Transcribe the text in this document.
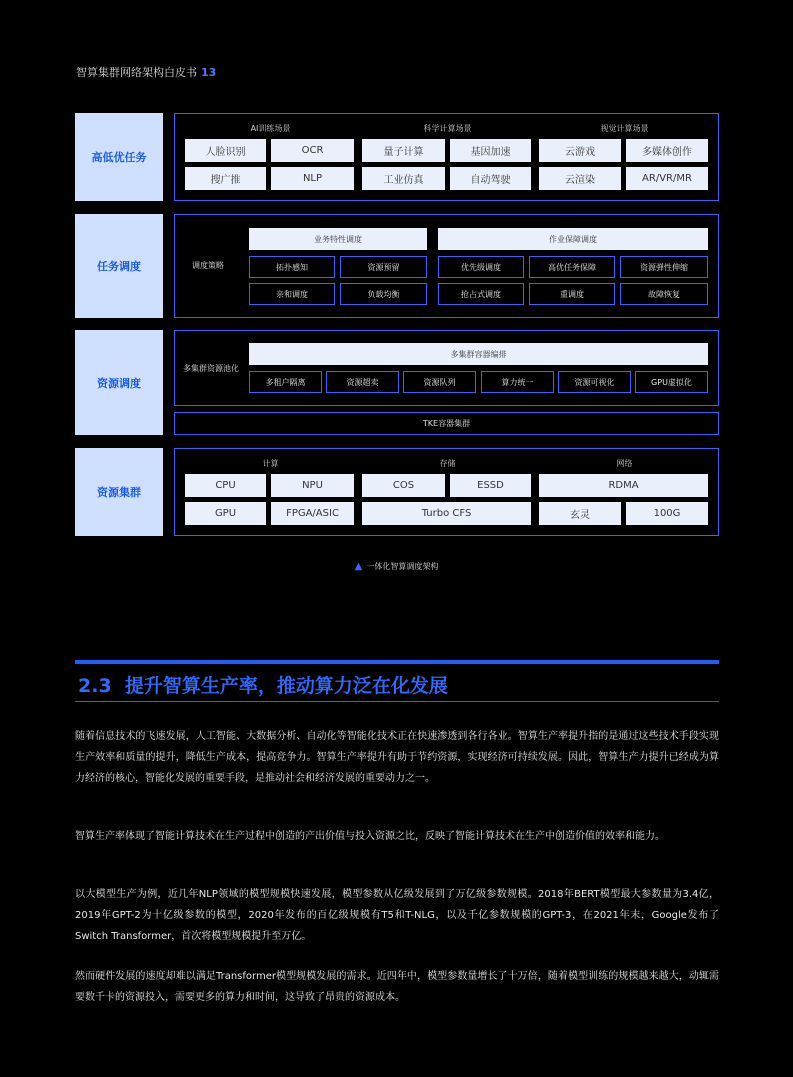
智算集群网络架构白皮书 13
高低优任务
AI训练场景	科学计算场景	视觉计算场景
人脸识别	OCR
搜广推	NLP
量子计算	基因加速
工业仿真	自动驾驶
云游戏	多媒体创作
云渲染	AR/VR/MR
任务调度	调度策略
业务特性调度	作业保障调度
拓扑感知	资源预留
亲和调度	负载均衡
优先级调度	高优任务保障	资源弹性伸缩
抢占式调度	重调度	故障恢复
资源调度
多集群资源池化
多集群容器编排
多租户隔离	资源超卖	资源队列	算力统一	资源可视化	GPU虚拟化
TKE容器集群
资源集群
计算	存储	网络
CPU	NPU
GPU	FPGA/ASIC
COS	ESSD
Turbo CFS
RDMA
玄灵	100G
▲ 一体化智算调度架构
2.3 提升智算生产率，推动算力泛在化发展
随着信息技术的飞速发展，人工智能、大数据分析、自动化等智能化技术正在快速渗透到各行各业。智算生产率提升指的是通过这些技术手段实现生产效率和质量的提升，降低生产成本，提高竞争力。智算生产率提升有助于节约资源，实现经济可持续发展。因此，智算生产力提升已经成为算力经济的核心，智能化发展的重要手段，是推动社会和经济发展的重要动力之一。
智算生产率体现了智能计算技术在生产过程中创造的产出价值与投入资源之比，反映了智能计算技术在生产中创造价值的效率和能力。
以大模型生产为例，近几年NLP领域的模型规模快速发展，模型参数从亿级发展到了万亿级参数规模。2018年BERT模型最大参数量为3.4亿，2019年GPT-2为十亿级参数的模型，2020年发布的百亿级规模有T5和T-NLG，以及千亿参数规模的GPT-3，在2021年末，Google发布了Switch Transformer，首次将模型规模提升至万亿。
然而硬件发展的速度却难以满足Transformer模型规模发展的需求。近四年中，模型参数量增长了十万倍，随着模型训练的规模越来越大，动辄需要数千卡的资源投入，需要更多的算力和时间，这导致了昂贵的资源成本。
